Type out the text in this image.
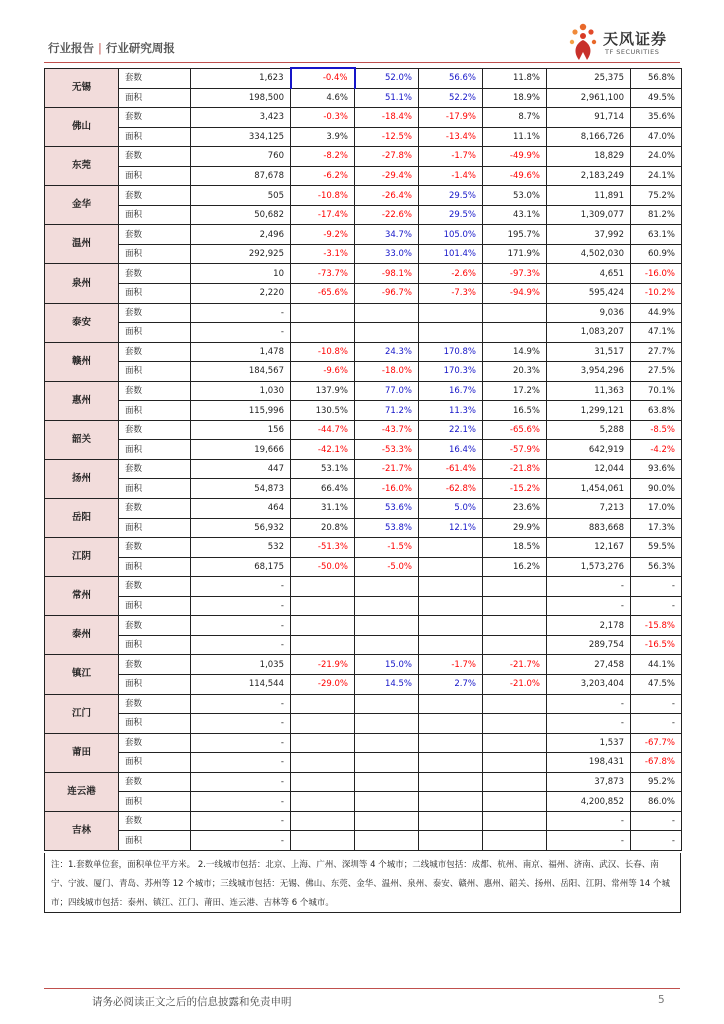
行业报告 | 行业研究周报	天风证券
TF SECURITIES
无锡	套数	1,623	-0.4%	52.0%	56.6%	11.8%	25,375	56.8%
	面积	198,500	4.6%	51.1%	52.2%	18.9%	2,961,100	49.5%
佛山	套数	3,423	-0.3%	-18.4%	-17.9%	8.7%	91,714	35.6%
	面积	334,125	3.9%	-12.5%	-13.4%	11.1%	8,166,726	47.0%
东莞	套数	760	-8.2%	-27.8%	-1.7%	-49.9%	18,829	24.0%
	面积	87,678	-6.2%	-29.4%	-1.4%	-49.6%	2,183,249	24.1%
金华	套数	505	-10.8%	-26.4%	29.5%	53.0%	11,891	75.2%
	面积	50,682	-17.4%	-22.6%	29.5%	43.1%	1,309,077	81.2%
温州	套数	2,496	-9.2%	34.7%	105.0%	195.7%	37,992	63.1%
	面积	292,925	-3.1%	33.0%	101.4%	171.9%	4,502,030	60.9%
泉州	套数	10	-73.7%	-98.1%	-2.6%	-97.3%	4,651	-16.0%
	面积	2,220	-65.6%	-96.7%	-7.3%	-94.9%	595,424	-10.2%
泰安	套数	-					9,036	44.9%
	面积	-					1,083,207	47.1%
赣州	套数	1,478	-10.8%	24.3%	170.8%	14.9%	31,517	27.7%
	面积	184,567	-9.6%	-18.0%	170.3%	20.3%	3,954,296	27.5%
惠州	套数	1,030	137.9%	77.0%	16.7%	17.2%	11,363	70.1%
	面积	115,996	130.5%	71.2%	11.3%	16.5%	1,299,121	63.8%
韶关	套数	156	-44.7%	-43.7%	22.1%	-65.6%	5,288	-8.5%
	面积	19,666	-42.1%	-53.3%	16.4%	-57.9%	642,919	-4.2%
扬州	套数	447	53.1%	-21.7%	-61.4%	-21.8%	12,044	93.6%
	面积	54,873	66.4%	-16.0%	-62.8%	-15.2%	1,454,061	90.0%
岳阳	套数	464	31.1%	53.6%	5.0%	23.6%	7,213	17.0%
	面积	56,932	20.8%	53.8%	12.1%	29.9%	883,668	17.3%
江阴	套数	532	-51.3%	-1.5%		18.5%	12,167	59.5%
	面积	68,175	-50.0%	-5.0%		16.2%	1,573,276	56.3%
常州	套数	-					-	-
	面积	-					-	-
泰州	套数	-					2,178	-15.8%
	面积	-					289,754	-16.5%
镇江	套数	1,035	-21.9%	15.0%	-1.7%	-21.7%	27,458	44.1%
	面积	114,544	-29.0%	14.5%	2.7%	-21.0%	3,203,404	47.5%
江门	套数	-					-	-
	面积	-					-	-
莆田	套数	-					1,537	-67.7%
	面积	-					198,431	-67.8%
连云港	套数	-					37,873	95.2%
	面积	-					4,200,852	86.0%
吉林	套数	-					-	-
	面积	-					-	-
注：1.套数单位套，面积单位平方米。 2.一线城市包括：北京、上海、广州、深圳等 4 个城市；二线城市包括：成都、杭州、南京、福州、济南、武汉、长春、南宁、宁波、厦门、青岛、苏州等 12 个城市；三线城市包括：无锡、佛山、东莞、金华、温州、泉州、泰安、赣州、惠州、韶关、扬州、岳阳、江阴、常州等 14 个城市；四线城市包括：泰州、镇江、江门、莆田、连云港、吉林等 6 个城市。
请务必阅读正文之后的信息披露和免责申明	5
